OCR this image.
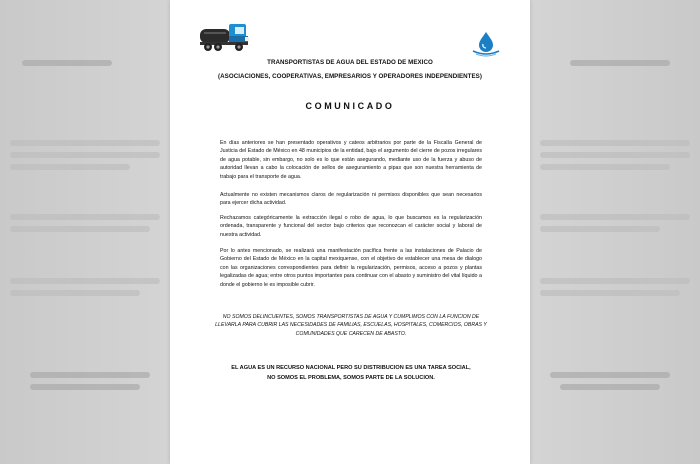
TRANSPORTISTAS DE AGUA DEL ESTADO DE MEXICO
(ASOCIACIONES, COOPERATIVAS, EMPRESARIOS Y OPERADORES INDEPENDIENTES)
COMUNICADO

En días anteriores se han presentado operativos y cateos arbitrarios por parte de la Fiscalía General de Justicia del Estado de México en 48 municipios de la entidad, bajo el argumento del cierre de pozos irregulares de agua potable, sin embargo, no solo es lo que están asegurando, mediante uso de la fuerza y abuso de autoridad llevan a cabo la colocación de sellos de aseguramiento a pipas que son nuestra herramienta de trabajo para el transporte de agua.

Actualmente no existen mecanismos claros de regularización ni permisos disponibles que sean necesarios para ejercer dicha actividad.

Rechazamos categóricamente la extracción ilegal o robo de agua, lo que buscamos es la regularización ordenada, transparente y funcional del sector bajo criterios que reconozcan el carácter social y laboral de nuestra actividad.

Por lo antes mencionado, se realizará una manifestación pacífica frente a las instalaciones de Palacio de Gobierno del Estado de México en la capital mexiquense, con el objetivo de establecer una mesa de dialogo con las organizaciones correspondientes para definir la regularización, permisos, acceso a pozos y plantas legalizadas de agua; entre otros puntos importantes para continuar con el abasto y suministro del vital líquido a donde el gobierno le es imposible cubrir.

NO SOMOS DELINCUENTES, SOMOS TRANSPORTISTAS DE AGUA Y CUMPLIMOS CON LA FUNCION DE LLEVARLA PARA CUBRIR LAS NECESIDADES DE FAMILIAS, ESCUELAS, HOSPITALES, COMERCIOS, OBRAS Y COMUNIDADES QUE CARECEN DE ABASTO.

EL AGUA ES UN RECURSO NACIONAL PERO SU DISTRIBUCION ES UNA TAREA SOCIAL,

NO SOMOS EL PROBLEMA, SOMOS PARTE DE LA SOLUCION.
